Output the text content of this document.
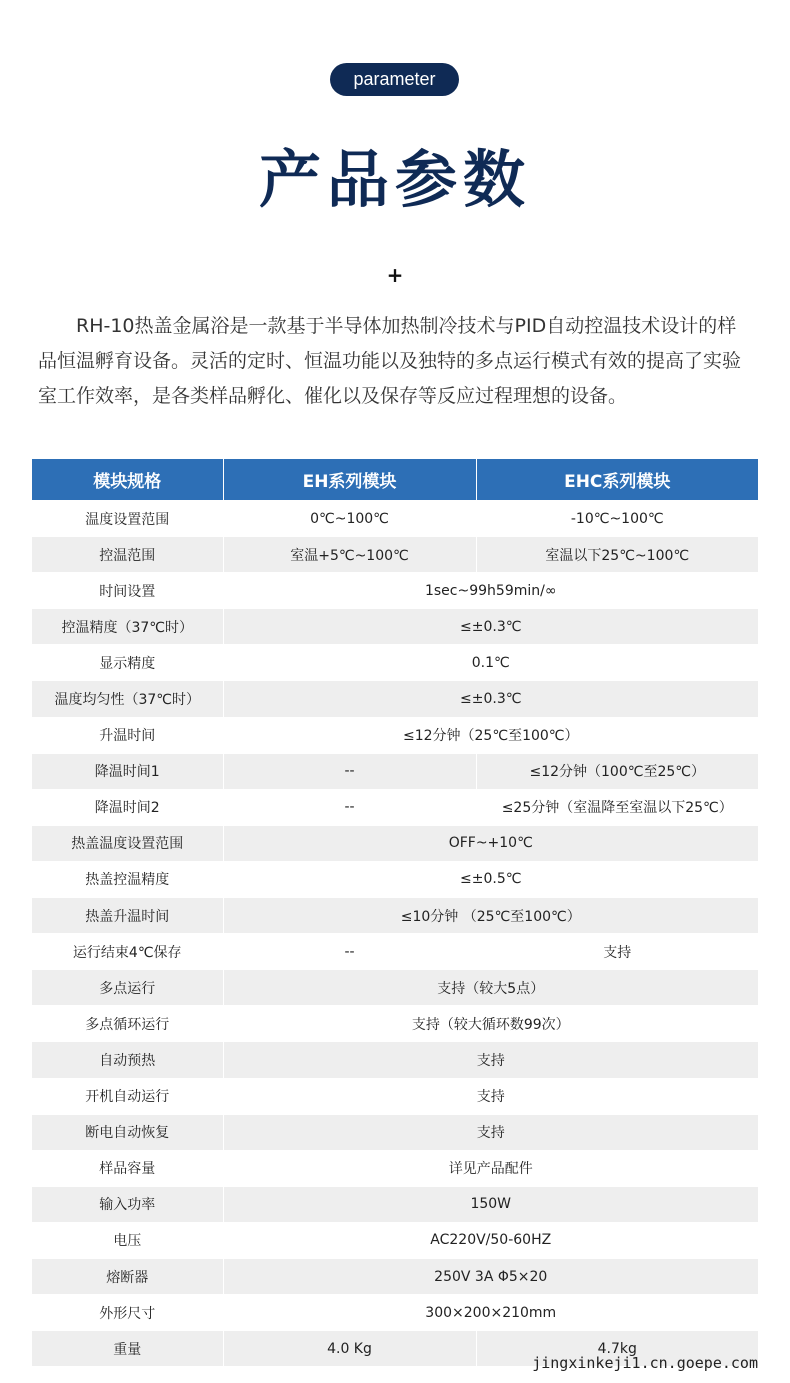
parameter
产品参数
+

RH-10热盖金属浴是一款基于半导体加热制冷技术与PID自动控温技术设计的样品恒温孵育设备。灵活的定时、恒温功能以及独特的多点运行模式有效的提高了实验室工作效率，是各类样品孵化、催化以及保存等反应过程理想的设备。

模块规格	EH系列模块	EHC系列模块
温度设置范围	0℃~100℃	-10℃~100℃
控温范围	室温+5℃~100℃	室温以下25℃~100℃
时间设置	1sec~99h59min/∞	
控温精度（37℃时）	≤±0.3℃	
显示精度	0.1℃	
温度均匀性（37℃时）	≤±0.3℃	
升温时间	≤12分钟（25℃至100℃）	
降温时间1	--	≤12分钟（100℃至25℃）
降温时间2	--	≤25分钟（室温降至室温以下25℃）
热盖温度设置范围	OFF~+10℃	
热盖控温精度	≤±0.5℃	
热盖升温时间	≤10分钟 （25℃至100℃）	
运行结束4℃保存	--	支持
多点运行	支持（较大5点）	
多点循环运行	支持（较大循环数99次）	
自动预热	支持	
开机自动运行	支持	
断电自动恢复	支持	
样品容量	详见产品配件	
输入功率	150W	
电压	AC220V/50-60HZ	
熔断器	250V 3A Φ5×20	
外形尺寸	300×200×210mm	
重量	4.0 Kg	4.7kg
jingxinkeji1.cn.goepe.com
